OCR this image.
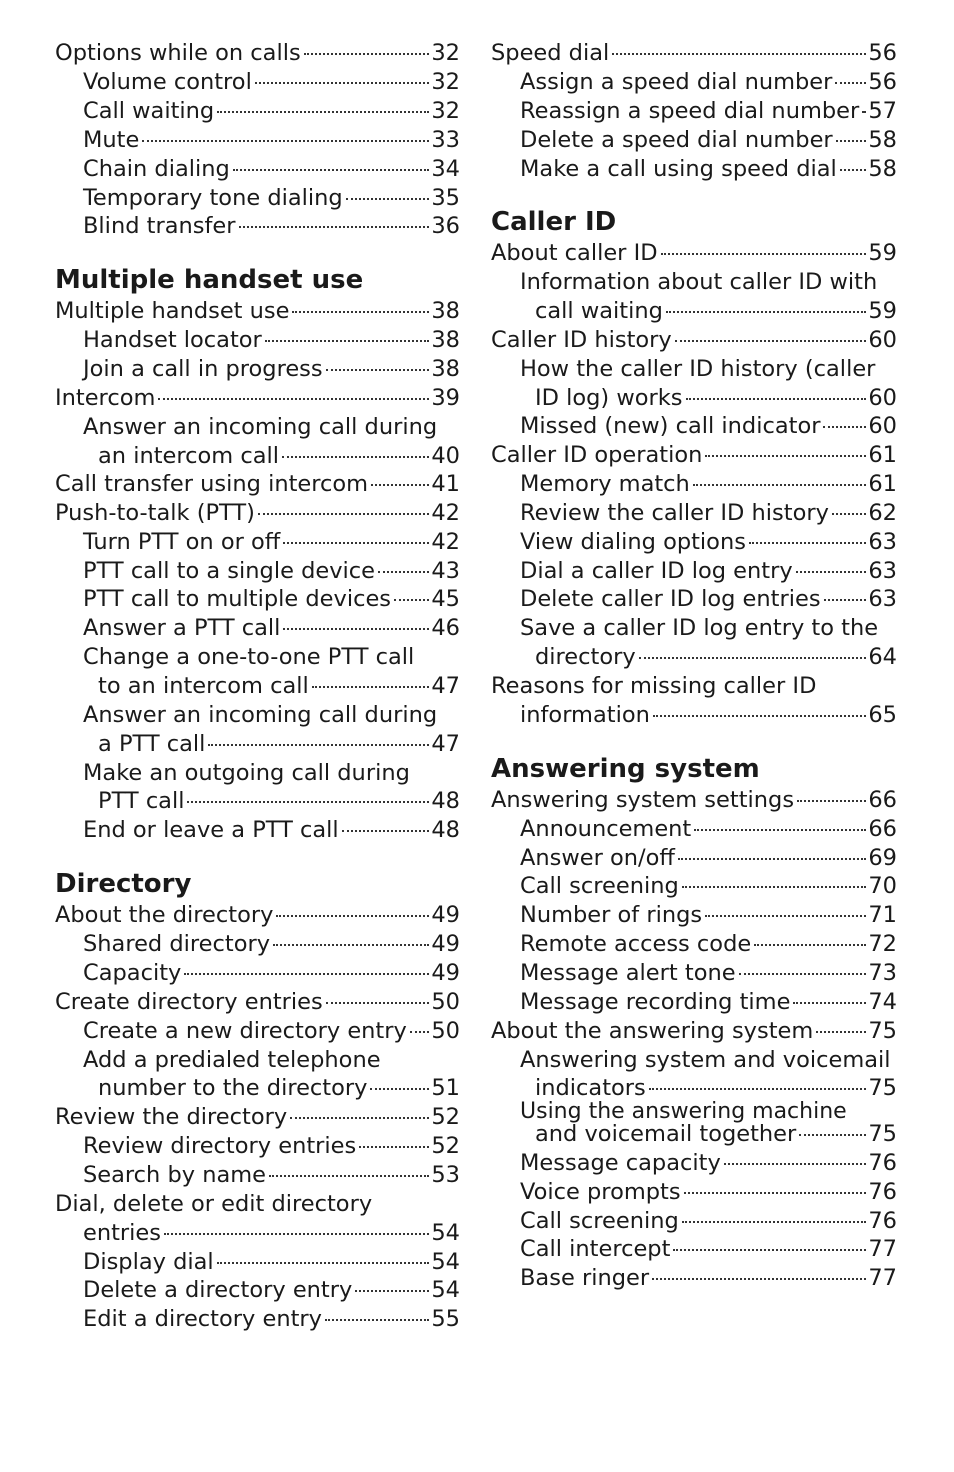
Options while on calls	32
Volume control	32
Call waiting	32
Mute	33
Chain dialing	34
Temporary tone dialing	35
Blind transfer	36
Multiple handset use
Multiple handset use	38
Handset locator	38
Join a call in progress	38
Intercom	39
Answer an incoming call during
an intercom call	40
Call transfer using intercom	41
Push-to-talk (PTT)	42
Turn PTT on or off	42
PTT call to a single device	43
PTT call to multiple devices 45
Answer a PTT call	46
Change a one-to-one PTT call
to an intercom call	47
Answer an incoming call during
a PTT call	47
Make an outgoing call during
PTT call	48
End or leave a PTT call	48
Directory
About the directory	49
Shared directory	49
Capacity	49
Create directory entries	50
Create a new directory entry 50
Add a predialed telephone
number to the directory	51
Review the directory	52
Review directory entries	52
Search by name	53
Dial, delete or edit directory
entries	54
Display dial	54
Delete a directory entry	54
Edit a directory entry	55
Speed dial	56
Assign a speed dial number 56
Reassign a speed dial number 57
Delete a speed dial number 58
Make a call using speed dial 58
Caller ID
About caller ID	59
Information about caller ID with
call waiting	59
Caller ID history	60
How the caller ID history (caller
ID log) works	60
Missed (new) call indicator 60
Caller ID operation	61
Memory match	61
Review the caller ID history 62
View dialing options	63
Dial a caller ID log entry	63
Delete caller ID log entries 63
Save a caller ID log entry to the
directory	64
Reasons for missing caller ID
information	65
Answering system
Answering system settings	66
Announcement	66
Answer on/off	69
Call screening	70
Number of rings	71
Remote access code	72
Message alert tone	73
Message recording time	74
About the answering system 75
Answering system and voicemail
indicators	75
Using the answering machine
and voicemail together	75
Message capacity	76
Voice prompts	76
Call screening	76
Call intercept	77
Base ringer	77
